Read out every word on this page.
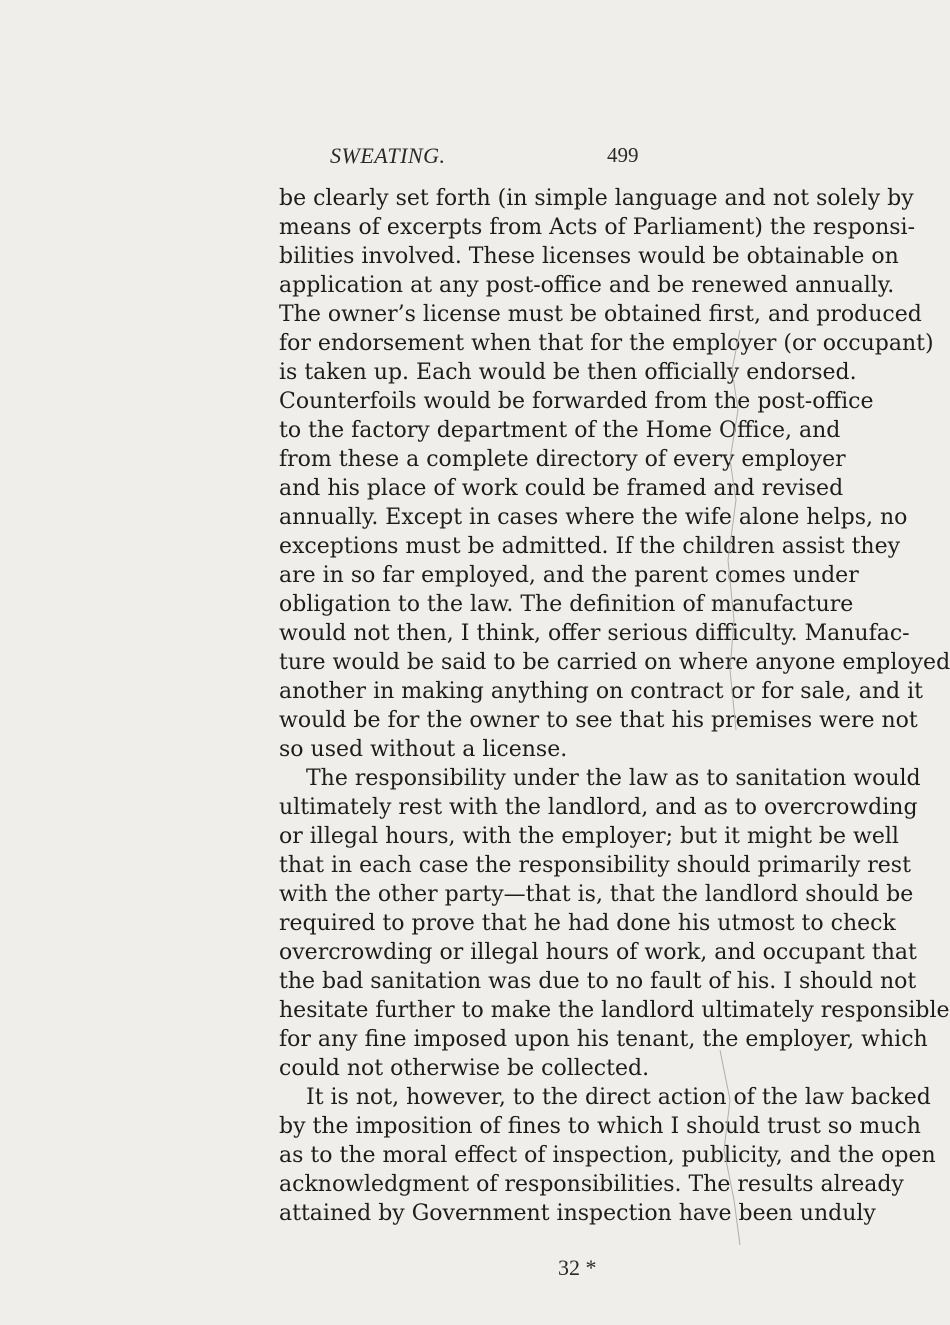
SWEATING.	499
be clearly set forth (in simple language and not solely by
means of excerpts from Acts of Parliament) the responsi-
bilities involved. These licenses would be obtainable on
application at any post-office and be renewed annually.
The owner’s license must be obtained first, and produced
for endorsement when that for the employer (or occupant)
is taken up. Each would be then officially endorsed.
Counterfoils would be forwarded from the post-office
to the factory department of the Home Office, and
from these a complete directory of every employer
and his place of work could be framed and revised
annually. Except in cases where the wife alone helps, no
exceptions must be admitted. If the children assist they
are in so far employed, and the parent comes under
obligation to the law. The definition of manufacture
would not then, I think, offer serious difficulty. Manufac-
ture would be said to be carried on where anyone employed
another in making anything on contract or for sale, and it
would be for the owner to see that his premises were not
so used without a license.
The responsibility under the law as to sanitation would
ultimately rest with the landlord, and as to overcrowding
or illegal hours, with the employer; but it might be well
that in each case the responsibility should primarily rest
with the other party—that is, that the landlord should be
required to prove that he had done his utmost to check
overcrowding or illegal hours of work, and occupant that
the bad sanitation was due to no fault of his. I should not
hesitate further to make the landlord ultimately responsible
for any fine imposed upon his tenant, the employer, which
could not otherwise be collected.
It is not, however, to the direct action of the law backed
by the imposition of fines to which I should trust so much
as to the moral effect of inspection, publicity, and the open
acknowledgment of responsibilities. The results already
attained by Government inspection have been unduly
32 *
